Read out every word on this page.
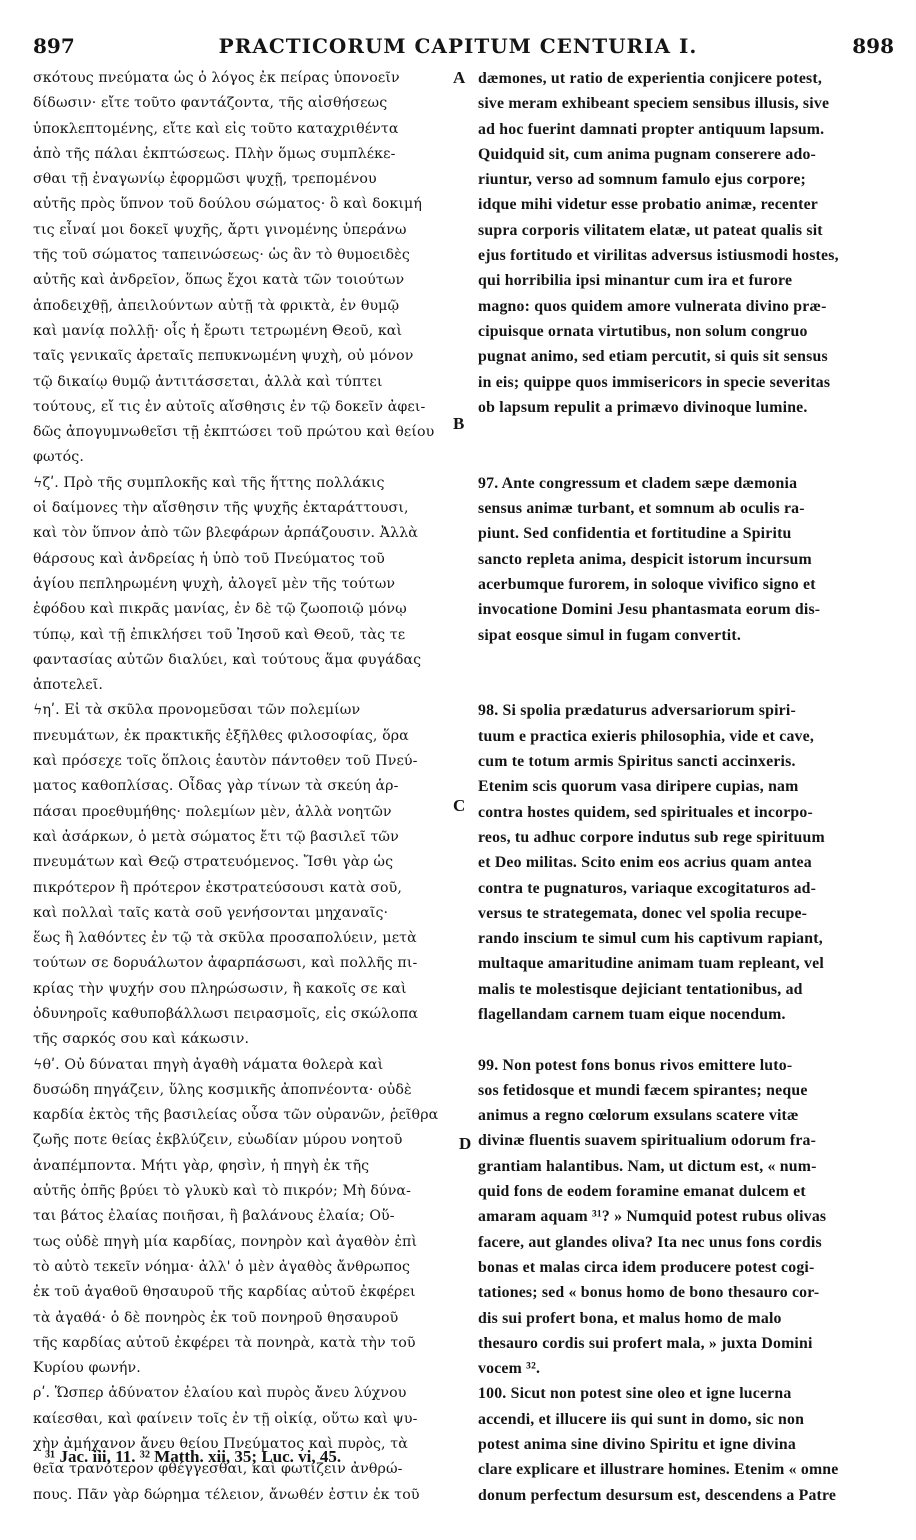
897	PRACTICORUM CAPITUM CENTURIA I.	898
σκότους πνεύματα ὡς ὁ λόγος ἐκ πείρας ὑπονοεῖν
δίδωσιν· εἴτε τοῦτο φαντάζοντα, τῆς αἰσθήσεως
ὑποκλεπτομένης, εἴτε καὶ εἰς τοῦτο καταχριθέντα
ἀπὸ τῆς πάλαι ἐκπτώσεως. Πλὴν ὅμως συμπλέκε-
σθαι τῇ ἐναγωνίῳ ἐφορμῶσι ψυχῇ, τρεπομένου
αὐτῆς πρὸς ὕπνον τοῦ δούλου σώματος· ὃ καὶ δοκιμή
τις εἶναί μοι δοκεῖ ψυχῆς, ἄρτι γινομένης ὑπεράνω
τῆς τοῦ σώματος ταπεινώσεως· ὡς ἂν τὸ θυμοειδὲς
αὐτῆς καὶ ἀνδρεῖον, ὅπως ἔχοι κατὰ τῶν τοιούτων
ἀποδειχθῇ, ἀπειλούντων αὐτῇ τὰ φρικτὰ, ἐν θυμῷ
καὶ μανίᾳ πολλῇ· οἷς ἡ ἔρωτι τετρωμένη Θεοῦ, καὶ
ταῖς γενικαῖς ἀρεταῖς πεπυκνωμένη ψυχὴ, οὐ μόνον
τῷ δικαίῳ θυμῷ ἀντιτάσσεται, ἀλλὰ καὶ τύπτει
τούτους, εἴ τις ἐν αὐτοῖς αἴσθησις ἐν τῷ δοκεῖν ἀφει-
δῶς ἀπογυμνωθεῖσι τῇ ἐκπτώσει τοῦ πρώτου καὶ θείου
φωτός.
ϟζʹ. Πρὸ τῆς συμπλοκῆς καὶ τῆς ἥττης πολλάκις
οἱ δαίμονες τὴν αἴσθησιν τῆς ψυχῆς ἐκταράττουσι,
καὶ τὸν ὕπνον ἀπὸ τῶν βλεφάρων ἁρπάζουσιν. Ἀλλὰ
θάρσους καὶ ἀνδρείας ἡ ὑπὸ τοῦ Πνεύματος τοῦ
ἁγίου πεπληρωμένη ψυχὴ, ἀλογεῖ μὲν τῆς τούτων
ἐφόδου καὶ πικρᾶς μανίας, ἐν δὲ τῷ ζωοποιῷ μόνῳ
τύπῳ, καὶ τῇ ἐπικλήσει τοῦ Ἰησοῦ καὶ Θεοῦ, τὰς τε
φαντασίας αὐτῶν διαλύει, καὶ τούτους ἅμα φυγάδας
ἀποτελεῖ.
ϟηʹ. Εἰ τὰ σκῦλα προνομεῦσαι τῶν πολεμίων
πνευμάτων, ἐκ πρακτικῆς ἐξῆλθες φιλοσοφίας, ὅρα
καὶ πρόσεχε τοῖς ὅπλοις ἑαυτὸν πάντοθεν τοῦ Πνεύ-
ματος καθοπλίσας. Οἶδας γὰρ τίνων τὰ σκεύη ἁρ-
πάσαι προεθυμήθης· πολεμίων μὲν, ἀλλὰ νοητῶν
καὶ ἀσάρκων, ὁ μετὰ σώματος ἔτι τῷ βασιλεῖ τῶν
πνευμάτων καὶ Θεῷ στρατευόμενος. Ἴσθι γὰρ ὡς
πικρότερον ἢ πρότερον ἐκστρατεύσουσι κατὰ σοῦ,
καὶ πολλαὶ ταῖς κατὰ σοῦ γενήσονται μηχαναῖς·
ἕως ἢ λαθόντες ἐν τῷ τὰ σκῦλα προσαπολύειν, μετὰ
τούτων σε δορυάλωτον ἀφαρπάσωσι, καὶ πολλῆς πι-
κρίας τὴν ψυχήν σου πληρώσωσιν, ἢ κακοῖς σε καὶ
ὀδυνηροῖς καθυποβάλλωσι πειρασμοῖς, εἰς σκώλοπα
τῆς σαρκός σου καὶ κάκωσιν.
ϟθʹ. Οὐ δύναται πηγὴ ἀγαθὴ νάματα θολερὰ καὶ
δυσώδη πηγάζειν, ὕλης κοσμικῆς ἀποπνέοντα· οὐδὲ
καρδία ἐκτὸς τῆς βασιλείας οὖσα τῶν οὐρανῶν, ῥεῖθρα
ζωῆς ποτε θείας ἐκβλύζειν, εὐωδίαν μύρου νοητοῦ
ἀναπέμποντα. Μήτι γὰρ, φησὶν, ἡ πηγὴ ἐκ τῆς
αὐτῆς ὀπῆς βρύει τὸ γλυκὺ καὶ τὸ πικρόν; Μὴ δύνα-
ται βάτος ἐλαίας ποιῆσαι, ἢ βαλάνους ἐλαία; Οὕ-
τως οὐδὲ πηγὴ μία καρδίας, πονηρὸν καὶ ἀγαθὸν ἐπὶ
τὸ αὐτὸ τεκεῖν νόημα· ἀλλ' ὁ μὲν ἀγαθὸς ἄνθρωπος
ἐκ τοῦ ἀγαθοῦ θησαυροῦ τῆς καρδίας αὐτοῦ ἐκφέρει
τὰ ἀγαθά· ὁ δὲ πονηρὸς ἐκ τοῦ πονηροῦ θησαυροῦ
τῆς καρδίας αὐτοῦ ἐκφέρει τὰ πονηρὰ, κατὰ τὴν τοῦ
Κυρίου φωνήν.
ρʹ. Ὥσπερ ἀδύνατον ἐλαίου καὶ πυρὸς ἄνευ λύχνου
καίεσθαι, καὶ φαίνειν τοῖς ἐν τῇ οἰκίᾳ, οὕτω καὶ ψυ-
χὴν ἀμήχανον ἄνευ θείου Πνεύματος καὶ πυρὸς, τὰ
θεῖα τρανότερον φθέγγεσθαι, καὶ φωτίζειν ἀνθρώ-
πους. Πᾶν γὰρ δώρημα τέλειον, ἄνωθέν ἐστιν ἐκ τοῦ
A
B
C
D
dæmones, ut ratio de experientia conjicere potest,
sive meram exhibeant speciem sensibus illusis, sive
ad hoc fuerint damnati propter antiquum lapsum.
Quidquid sit, cum anima pugnam conserere ado-
riuntur, verso ad somnum famulo ejus corpore;
idque mihi videtur esse probatio animæ, recenter
supra corporis vilitatem elatæ, ut pateat qualis sit
ejus fortitudo et virilitas adversus istiusmodi hostes,
qui horribilia ipsi minantur cum ira et furore
magno: quos quidem amore vulnerata divino præ-
cipuisque ornata virtutibus, non solum congruo
pugnat animo, sed etiam percutit, si quis sit sensus
in eis; quippe quos immisericors in specie severitas
ob lapsum repulit a primævo divinoque lumine.
97. Ante congressum et cladem sæpe dæmonia
sensus animæ turbant, et somnum ab oculis ra-
piunt. Sed confidentia et fortitudine a Spiritu
sancto repleta anima, despicit istorum incursum
acerbumque furorem, in soloque vivifico signo et
invocatione Domini Jesu phantasmata eorum dis-
sipat eosque simul in fugam convertit.
98. Si spolia prædaturus adversariorum spiri-
tuum e practica exieris philosophia, vide et cave,
cum te totum armis Spiritus sancti accinxeris.
Etenim scis quorum vasa diripere cupias, nam
contra hostes quidem, sed spirituales et incorpo-
reos, tu adhuc corpore indutus sub rege spirituum
et Deo militas. Scito enim eos acrius quam antea
contra te pugnaturos, variaque excogitaturos ad-
versus te strategemata, donec vel spolia recupe-
rando inscium te simul cum his captivum rapiant,
multaque amaritudine animam tuam repleant, vel
malis te molestisque dejiciant tentationibus, ad
flagellandam carnem tuam eique nocendum.
99. Non potest fons bonus rivos emittere luto-
sos fetidosque et mundi fæcem spirantes; neque
animus a regno cœlorum exsulans scatere vitæ
divinæ fluentis suavem spiritualium odorum fra-
grantiam halantibus. Nam, ut dictum est, « num-
quid fons de eodem foramine emanat dulcem et
amaram aquam ³¹? » Numquid potest rubus olivas
facere, aut glandes oliva? Ita nec unus fons cordis
bonas et malas circa idem producere potest cogi-
tationes; sed « bonus homo de bono thesauro cor-
dis sui profert bona, et malus homo de malo
thesauro cordis sui profert mala, » juxta Domini
vocem ³².
100. Sicut non potest sine oleo et igne lucerna
accendi, et illucere iis qui sunt in domo, sic non
potest anima sine divino Spiritu et igne divina
clare explicare et illustrare homines. Etenim « omne
donum perfectum desursum est, descendens a Patre
³¹ Jac. iii, 11. ³² Matth. xii, 35; Luc. vi, 45.
